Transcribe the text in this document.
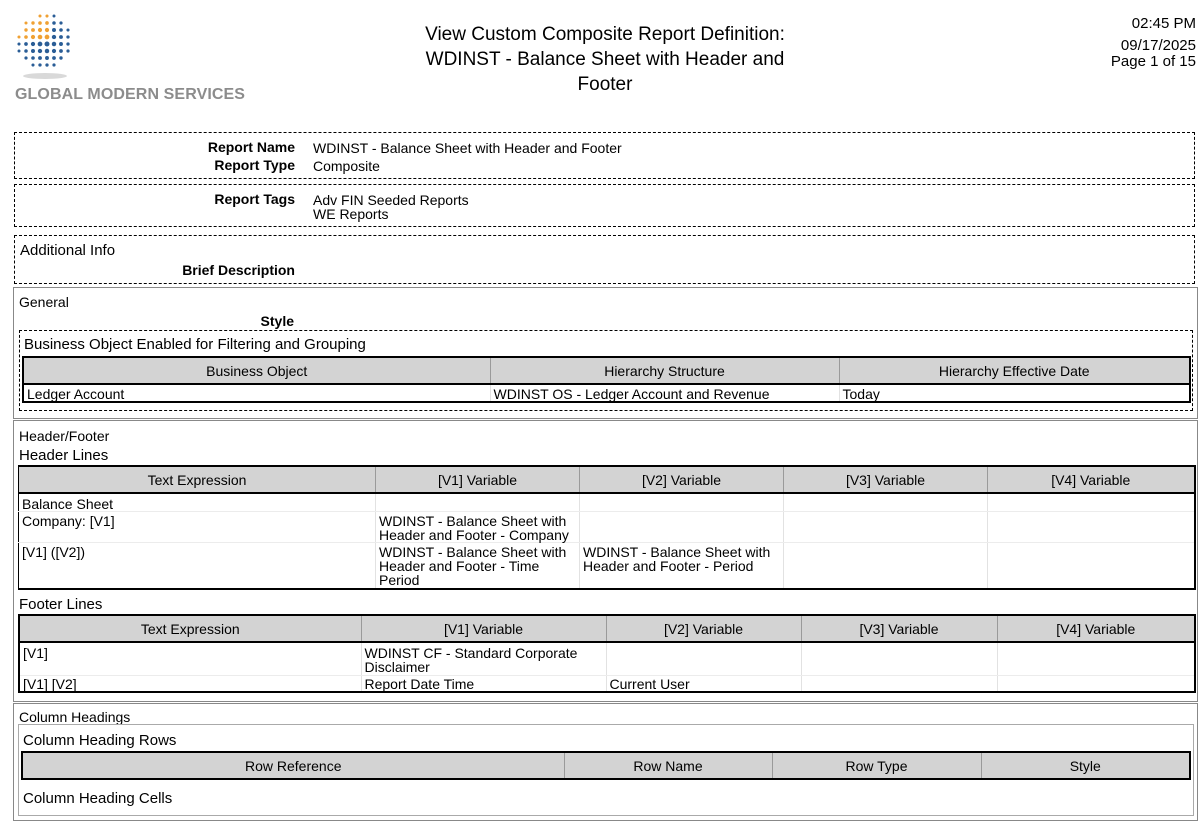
GLOBAL MODERN SERVICES
View Custom Composite Report Definition:
WDINST - Balance Sheet with Header and
Footer
02:45 PM
09/17/2025
Page 1 of 15
Report Name WDINST - Balance Sheet with Header and Footer
Report Type Composite
Report Tags Adv FIN Seeded Reports
WE Reports
Additional Info
Brief Description
General
Style
Business Object Enabled for Filtering and Grouping
Business Object	Hierarchy Structure	Hierarchy Effective Date
Ledger Account	WDINST OS - Ledger Account and Revenue	Today
Header/Footer
Header Lines
Text Expression	[V1] Variable	[V2] Variable	[V3] Variable	[V4] Variable
Balance Sheet				
Company: [V1]	WDINST - Balance Sheet with Header and Footer - Company			
[V1] ([V2])	WDINST - Balance Sheet with Header and Footer - Time Period	WDINST - Balance Sheet with Header and Footer - Period		
Footer Lines
Text Expression	[V1] Variable	[V2] Variable	[V3] Variable	[V4] Variable
[V1]	WDINST CF - Standard Corporate Disclaimer			
[V1] [V2]	Report Date Time	Current User		
Column Headings
Column Heading Rows
Row Reference	Row Name	Row Type	Style
Column Heading Cells
